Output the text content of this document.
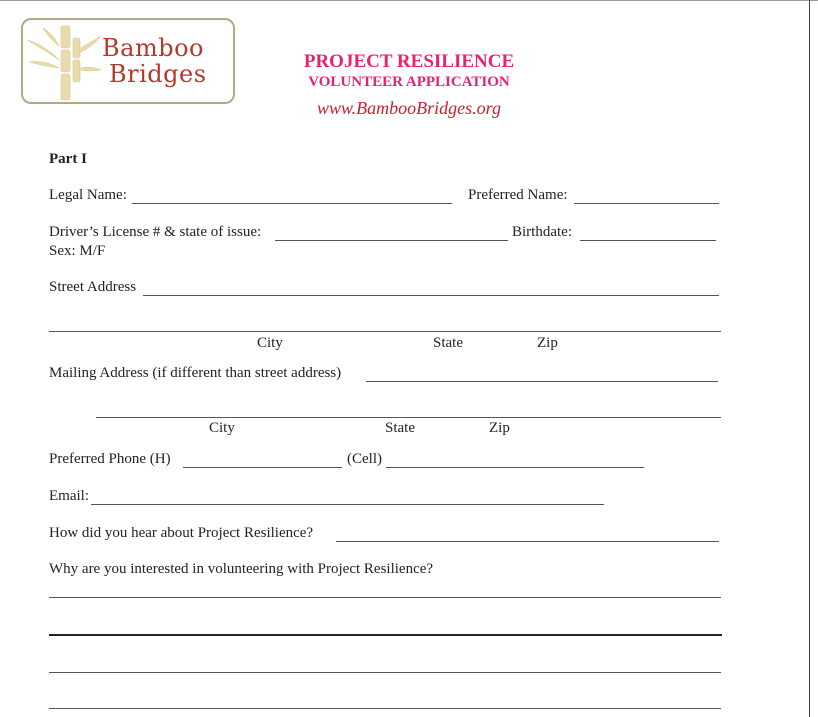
Bamboo
Bridges	PROJECT RESILIENCE
VOLUNTEER APPLICATION
www.BambooBridges.org
Part I
Legal Name:	Preferred Name:
Driver’s License # & state of issue:	Birthdate:
Sex: M/F
Street Address
City	State	Zip
Mailing Address (if different than street address)
City	State	Zip
Preferred Phone (H)	(Cell)
Email:
How did you hear about Project Resilience?
Why are you interested in volunteering with Project Resilience?
